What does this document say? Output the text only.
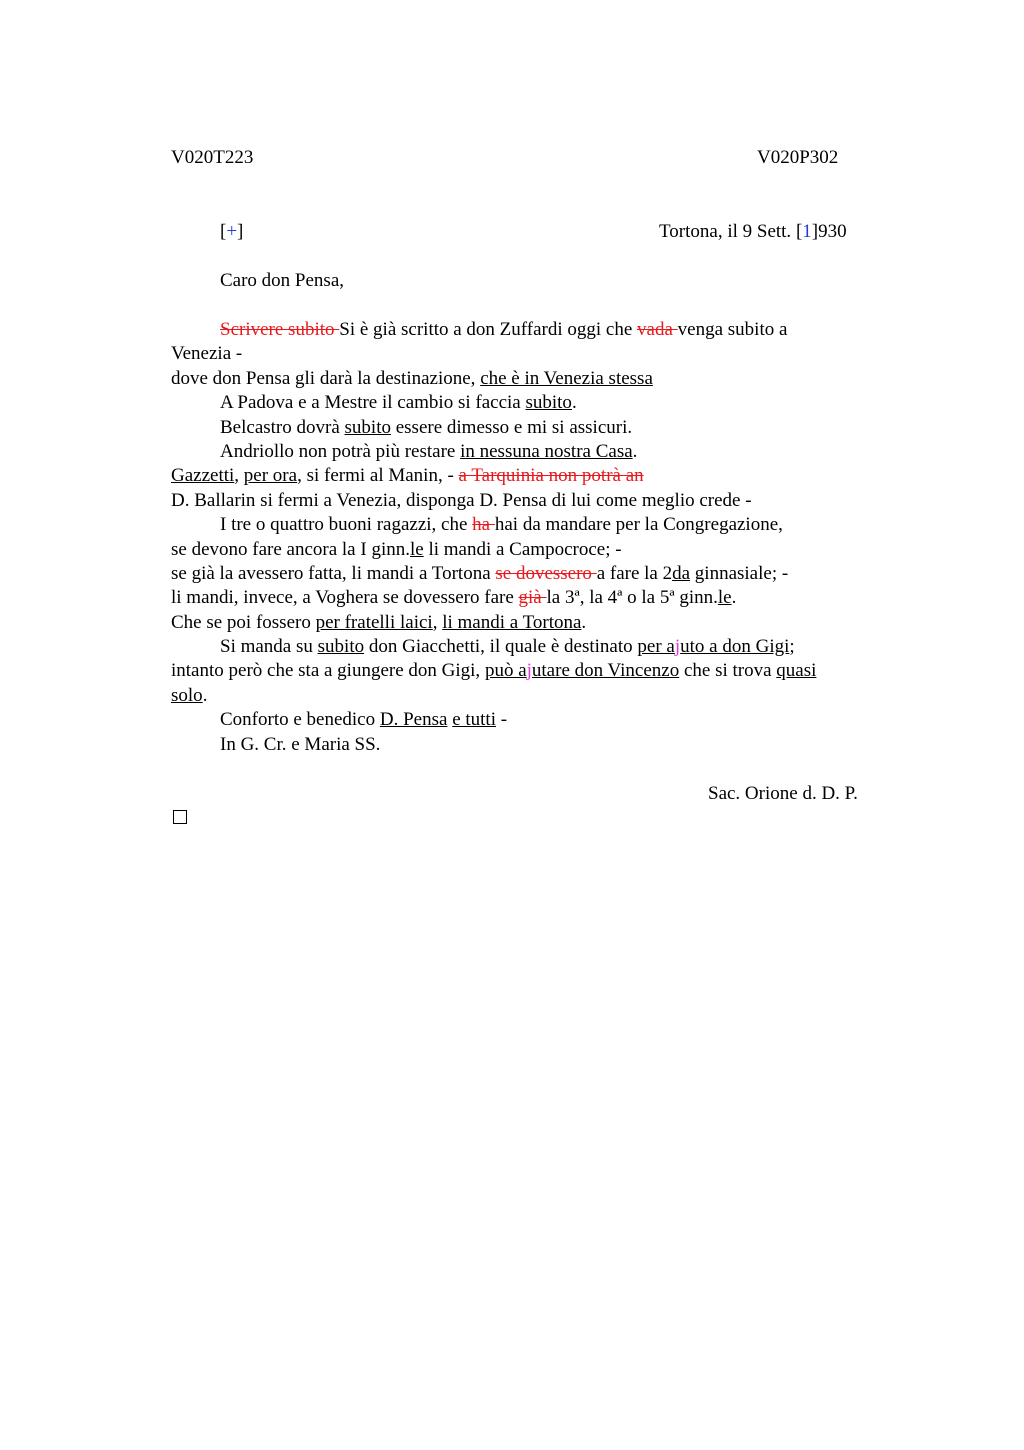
V020T223	V020P302
[+]	Tortona, il 9 Sett. [1]930
Caro don Pensa,
Scrivere subito Si è già scritto a don Zuffardi oggi che vada venga subito a
Venezia -
dove don Pensa gli darà la destinazione, che è in Venezia stessa
A Padova e a Mestre il cambio si faccia subito.
Belcastro dovrà subito essere dimesso e mi si assicuri.
Andriollo non potrà più restare in nessuna nostra Casa.
Gazzetti, per ora, si fermi al Manin, - a Tarquinia non potrà an
D. Ballarin si fermi a Venezia, disponga D. Pensa di lui come meglio crede -
I tre o quattro buoni ragazzi, che ha hai da mandare per la Congregazione,
se devono fare ancora la I ginn.le li mandi a Campocroce; -
se già la avessero fatta, li mandi a Tortona se dovessero a fare la 2da ginnasiale; -
li mandi, invece, a Voghera se dovessero fare già la 3ª, la 4ª o la 5ª ginn.le.
Che se poi fossero per fratelli laici, li mandi a Tortona.
Si manda su subito don Giacchetti, il quale è destinato per ajuto a don Gigi;
intanto però che sta a giungere don Gigi, può ajutare don Vincenzo che si trova quasi
solo.
Conforto e benedico D. Pensa e tutti -
In G. Cr. e Maria SS.
Sac. Orione d. D. P.
